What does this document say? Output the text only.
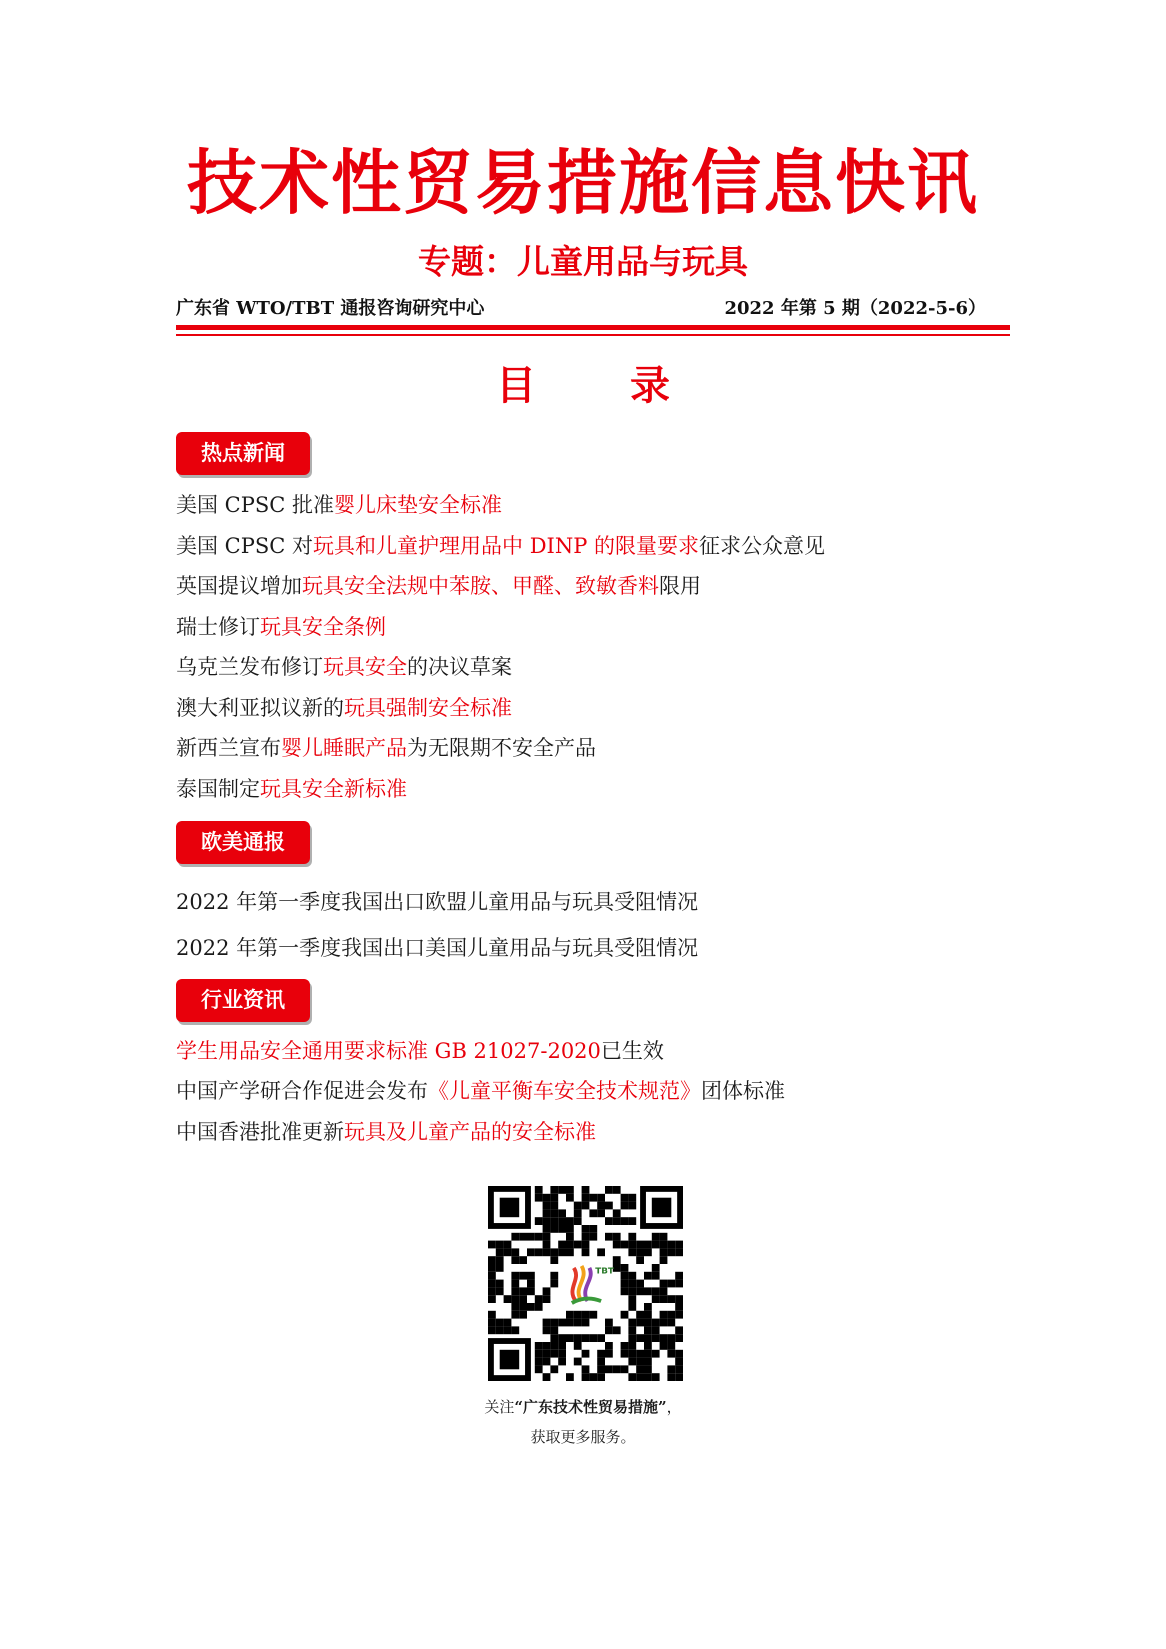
技术性贸易措施信息快讯
专题：儿童用品与玩具
广东省 WTO/TBT 通报咨询研究中心	2022 年第 5 期（2022-5-6）
目 录
热点新闻
美国 CPSC 批准婴儿床垫安全标准
美国 CPSC 对玩具和儿童护理用品中 DINP 的限量要求征求公众意见
英国提议增加玩具安全法规中苯胺、甲醛、致敏香料限用
瑞士修订玩具安全条例
乌克兰发布修订玩具安全的决议草案
澳大利亚拟议新的玩具强制安全标准
新西兰宣布婴儿睡眠产品为无限期不安全产品
泰国制定玩具安全新标准
欧美通报
2022 年第一季度我国出口欧盟儿童用品与玩具受阻情况
2022 年第一季度我国出口美国儿童用品与玩具受阻情况
行业资讯
学生用品安全通用要求标准 GB 21027-2020已生效
中国产学研合作促进会发布《儿童平衡车安全技术规范》团体标准
中国香港批准更新玩具及儿童产品的安全标准
TBT
关注“广东技术性贸易措施”，
获取更多服务。
